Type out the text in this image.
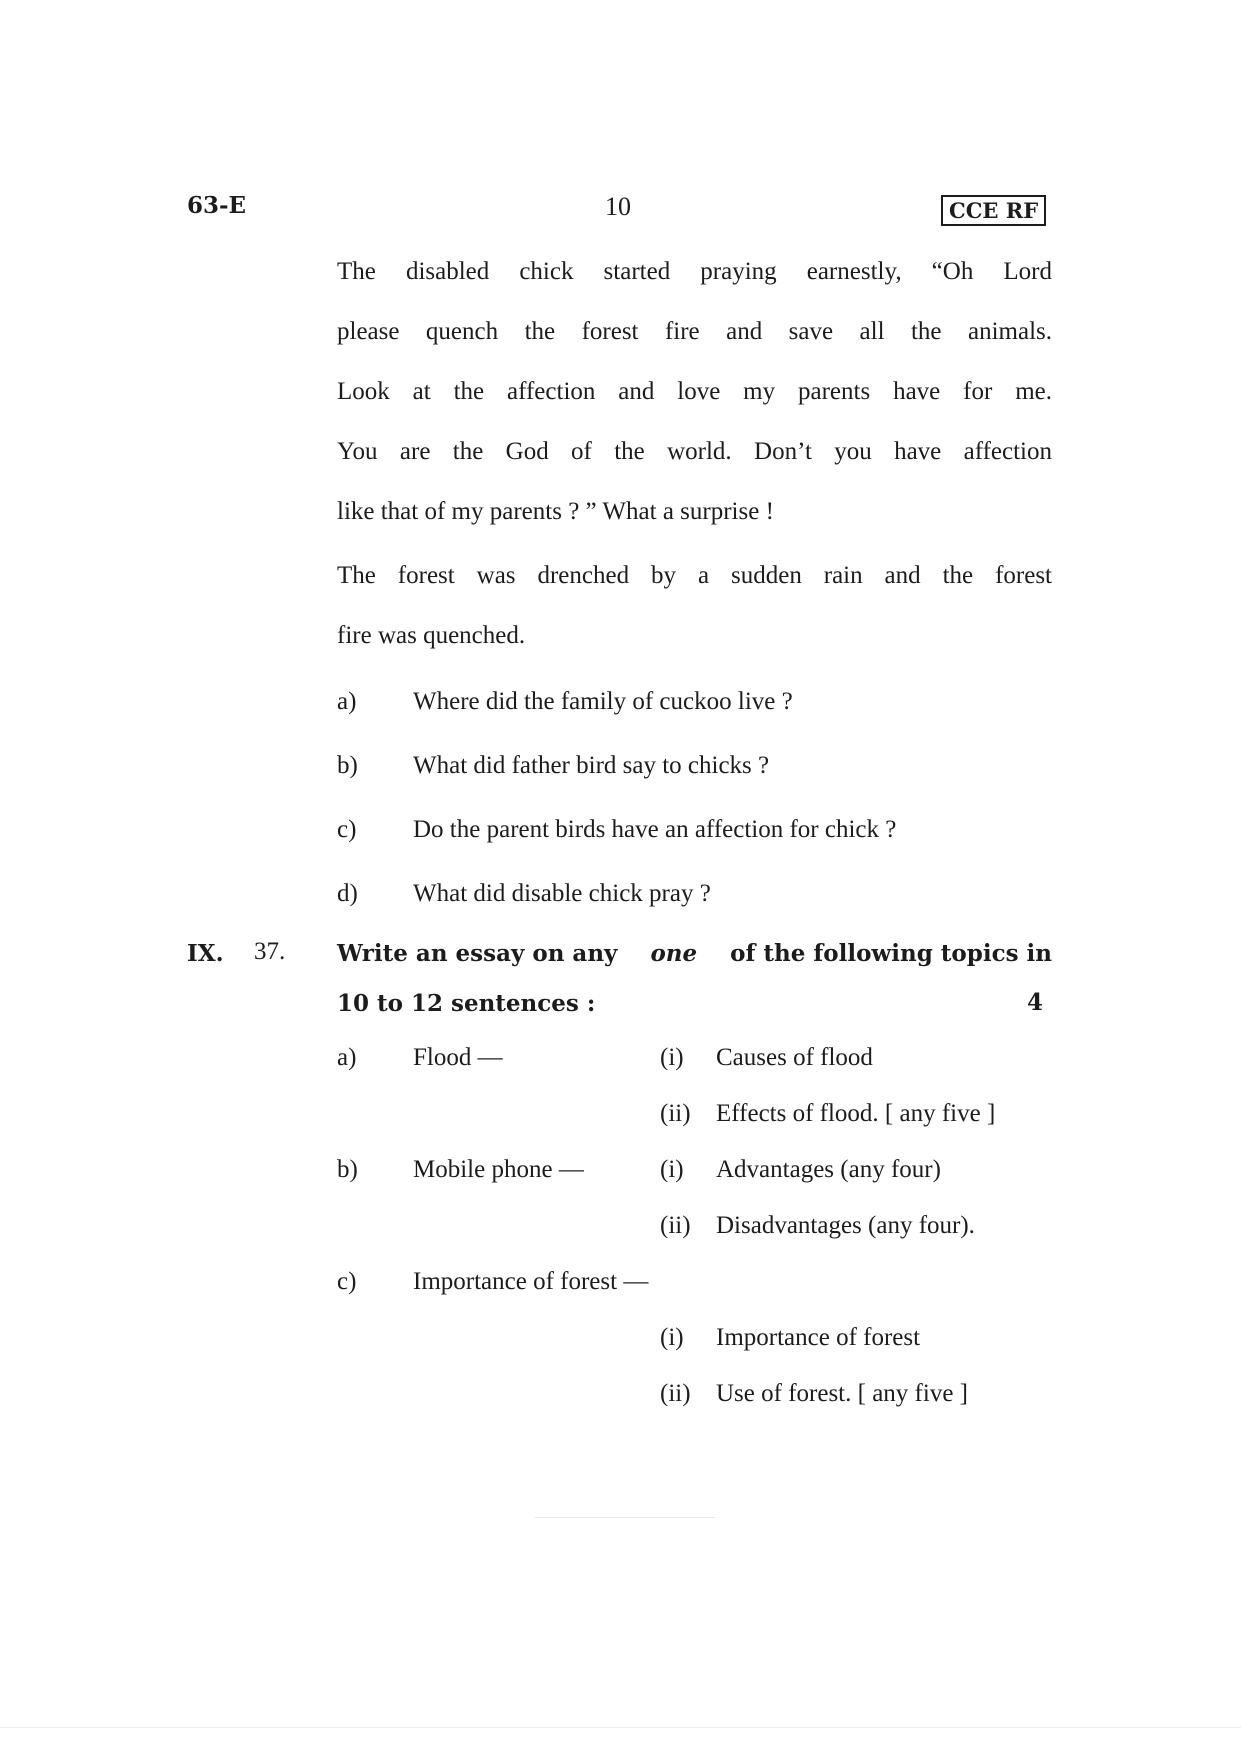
63-E	10	CCE RF
The disabled chick started praying earnestly, “Oh Lord
please quench the forest fire and save all the animals.
Look at the affection and love my parents have for me.
You are the God of the world. Don’t you have affection
like that of my parents ? ” What a surprise !
The forest was drenched by a sudden rain and the forest
fire was quenched.
a) Where did the family of cuckoo live ?
b) What did father bird say to chicks ?
c) Do the parent birds have an affection for chick ?
d) What did disable chick pray ?
IX. 37. Write an essay on any one of the following topics in
10 to 12 sentences :	4
a) Flood —	(i) Causes of flood
(ii) Effects of flood. [ any five ]
b) Mobile phone —	(i) Advantages (any four)
(ii) Disadvantages (any four).
c) Importance of forest —
(i) Importance of forest
(ii) Use of forest. [ any five ]
